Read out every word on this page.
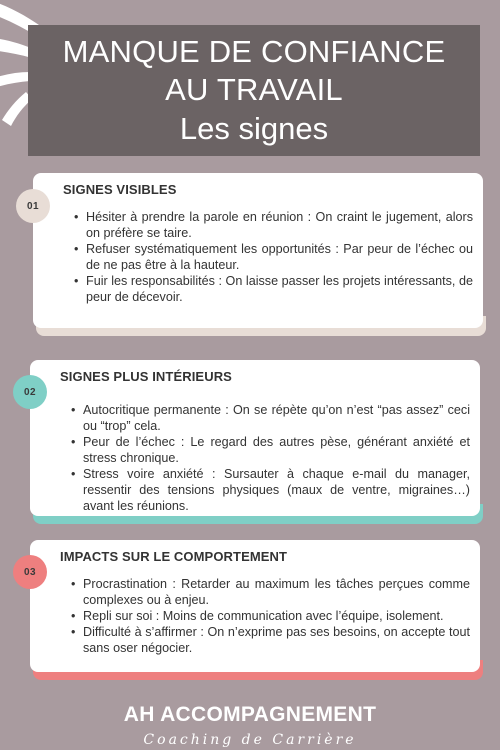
MANQUE DE CONFIANCE
AU TRAVAIL
Les signes
SIGNES VISIBLES
• Hésiter à prendre la parole en réunion : On craint le jugement, alors on préfère se taire.
• Refuser systématiquement les opportunités : Par peur de l’échec ou de ne pas être à la hauteur.
• Fuir les responsabilités : On laisse passer les projets intéressants, de peur de décevoir.
01
SIGNES PLUS INTÉRIEURS
• Autocritique permanente : On se répète qu’on n’est “pas assez” ceci ou “trop” cela.
• Peur de l’échec : Le regard des autres pèse, générant anxiété et stress chronique.
• Stress voire anxiété : Sursauter à chaque e-mail du manager, ressentir des tensions physiques (maux de ventre, migraines…) avant les réunions.
02
IMPACTS SUR LE COMPORTEMENT
• Procrastination : Retarder au maximum les tâches perçues comme complexes ou à enjeu.
• Repli sur soi : Moins de communication avec l’équipe, isolement.
• Difficulté à s’affirmer : On n’exprime pas ses besoins, on accepte tout sans oser négocier.
03
AH ACCOMPAGNEMENT
Coaching de Carrière
